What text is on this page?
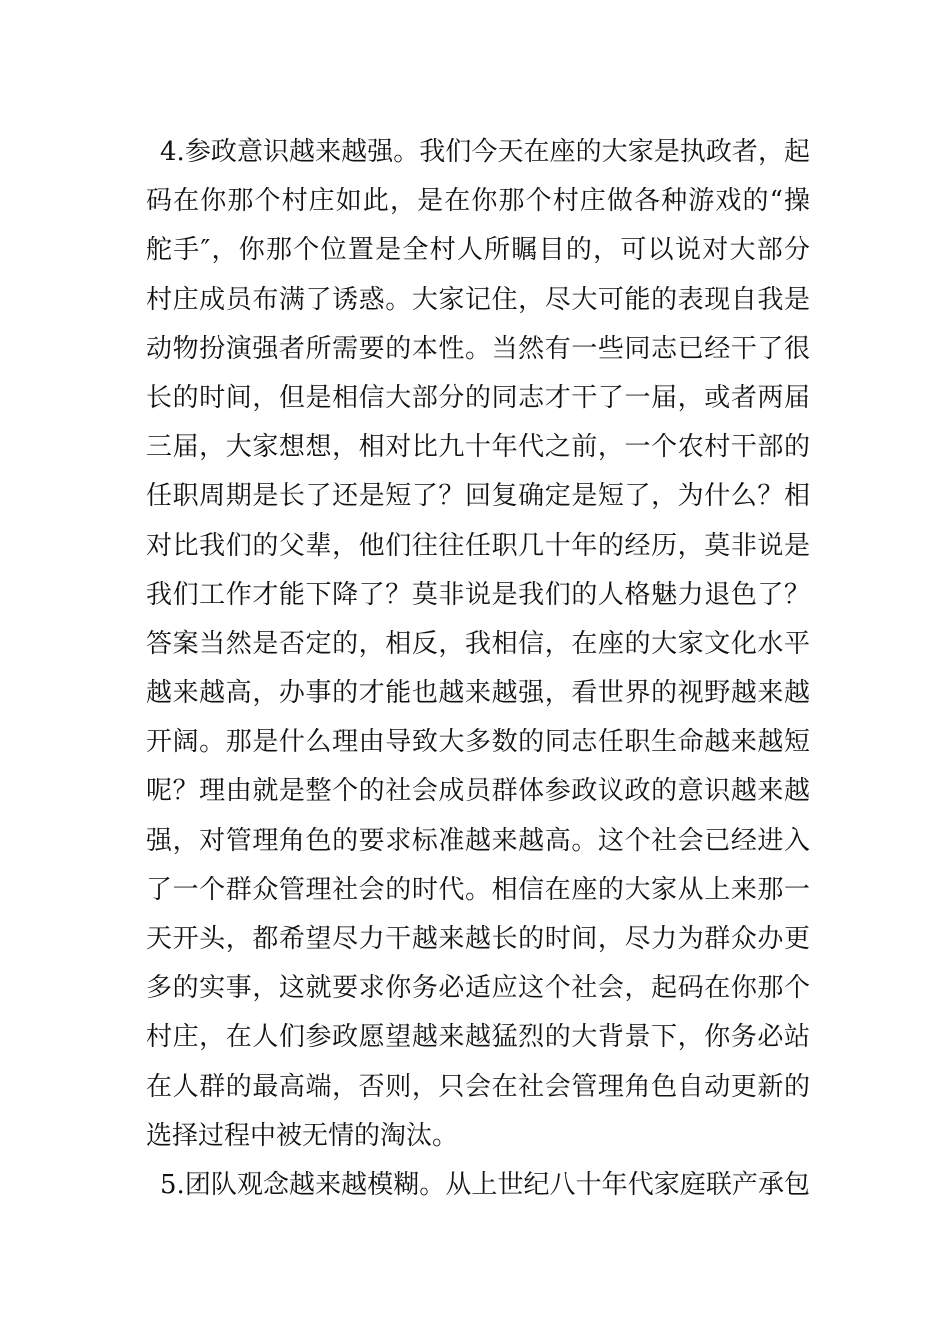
4.参政意识越来越强。我们今天在座的大家是执政者，起
码在你那个村庄如此，是在你那个村庄做各种游戏的“操
舵手″，你那个位置是全村人所瞩目的，可以说对大部分
村庄成员布满了诱惑。大家记住，尽大可能的表现自我是
动物扮演强者所需要的本性。当然有一些同志已经干了很
长的时间，但是相信大部分的同志才干了一届，或者两届
三届，大家想想，相对比九十年代之前，一个农村干部的
任职周期是长了还是短了？回复确定是短了，为什么？相
对比我们的父辈，他们往往任职几十年的经历，莫非说是
我们工作才能下降了？莫非说是我们的人格魅力退色了？
答案当然是否定的，相反，我相信，在座的大家文化水平
越来越高，办事的才能也越来越强，看世界的视野越来越
开阔。那是什么理由导致大多数的同志任职生命越来越短
呢？理由就是整个的社会成员群体参政议政的意识越来越
强，对管理角色的要求标准越来越高。这个社会已经进入
了一个群众管理社会的时代。相信在座的大家从上来那一
天开头，都希望尽力干越来越长的时间，尽力为群众办更
多的实事，这就要求你务必适应这个社会，起码在你那个
村庄，在人们参政愿望越来越猛烈的大背景下，你务必站
在人群的最高端，否则，只会在社会管理角色自动更新的
选择过程中被无情的淘汰。
5.团队观念越来越模糊。从上世纪八十年代家庭联产承包
